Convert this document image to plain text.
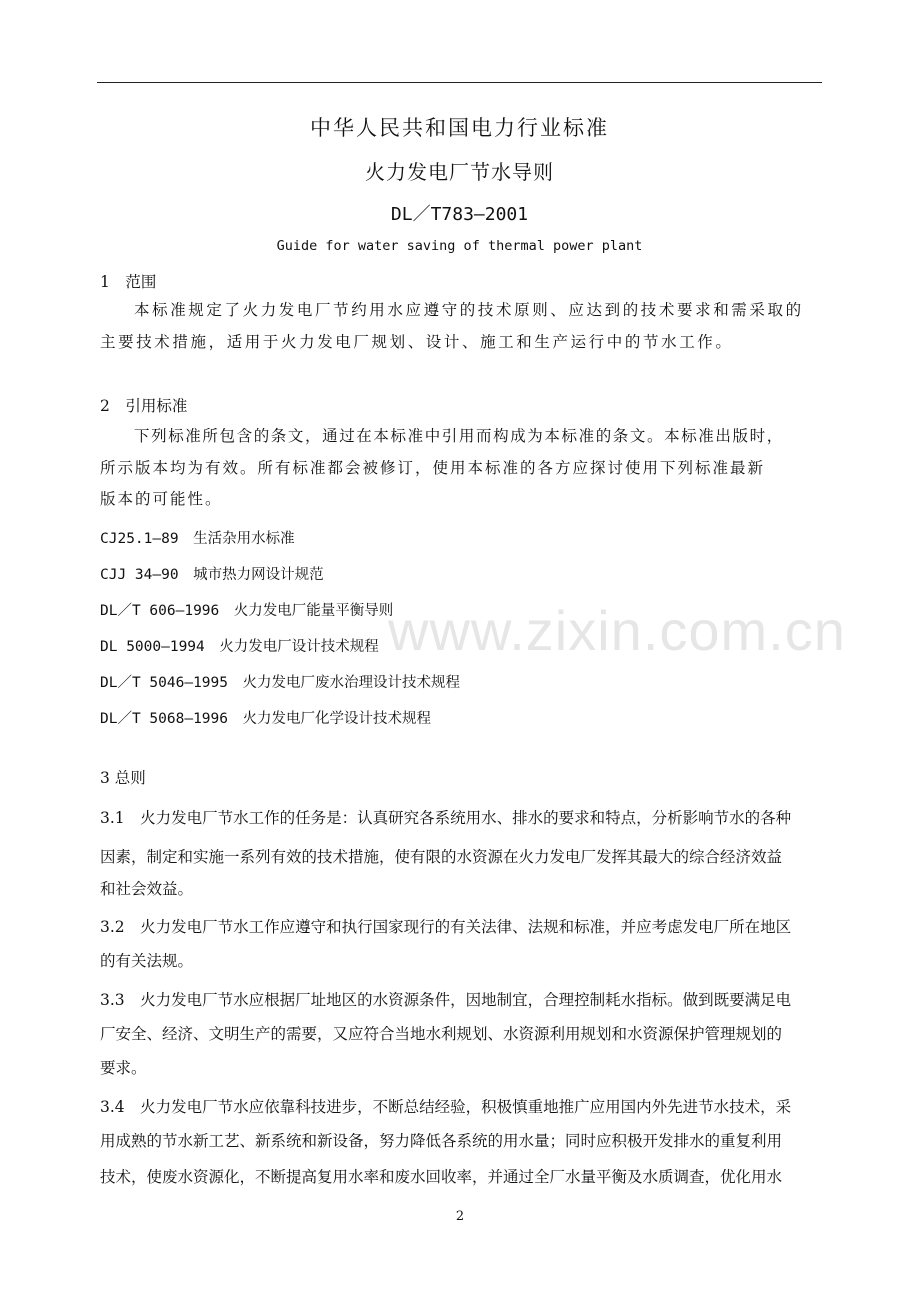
中华人民共和国电力行业标准
火力发电厂节水导则
DL／T783—2001
Guide for water saving of thermal power plant
1　范围
本标准规定了火力发电厂节约用水应遵守的技术原则、应达到的技术要求和需采取的
主要技术措施，适用于火力发电厂规划、设计、施工和生产运行中的节水工作。
2　引用标准
下列标准所包含的条文，通过在本标准中引用而构成为本标准的条文。本标准出版时，
所示版本均为有效。所有标准都会被修订，使用本标准的各方应探讨使用下列标准最新
版本的可能性。
CJ25.1—89　 生活杂用水标准
CJJ 34—90　 城市热力网设计规范
DL／T 606—1996　 火力发电厂能量平衡导则
DL 5000—1994　 火力发电厂设计技术规程
DL／T 5046—1995　 火力发电厂废水治理设计技术规程
DL／T 5068—1996　 火力发电厂化学设计技术规程
www.zixin.com.cn
3 总则
3.1　火力发电厂节水工作的任务是：认真研究各系统用水、排水的要求和特点，分析影响节水的各种
因素，制定和实施一系列有效的技术措施，使有限的水资源在火力发电厂发挥其最大的综合经济效益
和社会效益。
3.2　火力发电厂节水工作应遵守和执行国家现行的有关法律、法规和标准，并应考虑发电厂所在地区
的有关法规。
3.3　火力发电厂节水应根据厂址地区的水资源条件，因地制宜，合理控制耗水指标。做到既要满足电
厂安全、经济、文明生产的需要，又应符合当地水利规划、水资源利用规划和水资源保护管理规划的
要求。
3.4　火力发电厂节水应依靠科技进步，不断总结经验，积极慎重地推广应用国内外先进节水技术，采
用成熟的节水新工艺、新系统和新设备，努力降低各系统的用水量；同时应积极开发排水的重复利用
技术，使废水资源化，不断提高复用水率和废水回收率，并通过全厂水量平衡及水质调查，优化用水
2
